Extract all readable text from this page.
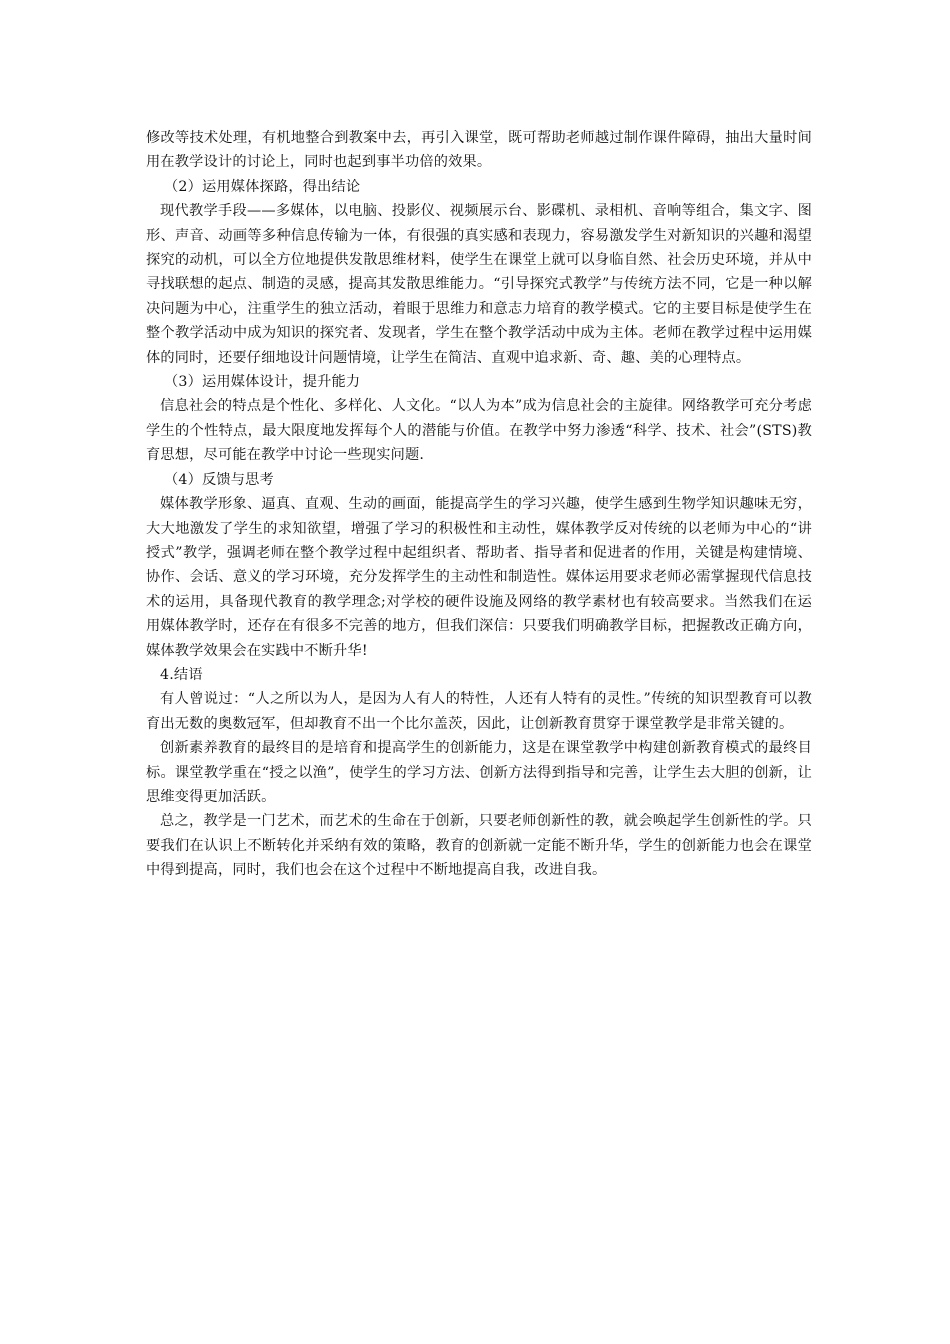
修改等技术处理，有机地整合到教案中去，再引入课堂，既可帮助老师越过制作课件障碍，抽出大量时间用在教学设计的讨论上，同时也起到事半功倍的效果。

（2）运用媒体探路，得出结论

现代教学手段——多媒体，以电脑、投影仪、视频展示台、影碟机、录相机、音响等组合，集文字、图形、声音、动画等多种信息传输为一体，有很强的真实感和表现力，容易激发学生对新知识的兴趣和渴望探究的动机，可以全方位地提供发散思维材料，使学生在课堂上就可以身临自然、社会历史环境，并从中寻找联想的起点、制造的灵感，提高其发散思维能力。“引导探究式教学”与传统方法不同，它是一种以解决问题为中心，注重学生的独立活动，着眼于思维力和意志力培育的教学模式。它的主要目标是使学生在整个教学活动中成为知识的探究者、发现者，学生在整个教学活动中成为主体。老师在教学过程中运用媒体的同时，还要仔细地设计问题情境，让学生在简洁、直观中追求新、奇、趣、美的心理特点。

（3）运用媒体设计，提升能力

信息社会的特点是个性化、多样化、人文化。“以人为本”成为信息社会的主旋律。网络教学可充分考虑学生的个性特点，最大限度地发挥每个人的潜能与价值。在教学中努力渗透“科学、技术、社会”(STS)教育思想，尽可能在教学中讨论一些现实问题.

（4）反馈与思考

媒体教学形象、逼真、直观、生动的画面，能提高学生的学习兴趣，使学生感到生物学知识趣味无穷，大大地激发了学生的求知欲望，增强了学习的积极性和主动性，媒体教学反对传统的以老师为中心的“讲授式”教学，强调老师在整个教学过程中起组织者、帮助者、指导者和促进者的作用，关键是构建情境、协作、会话、意义的学习环境，充分发挥学生的主动性和制造性。媒体运用要求老师必需掌握现代信息技术的运用，具备现代教育的教学理念;对学校的硬件设施及网络的教学素材也有较高要求。当然我们在运用媒体教学时，还存在有很多不完善的地方，但我们深信：只要我们明确教学目标，把握教改正确方向，媒体教学效果会在实践中不断升华!

4.结语

有人曾说过：“人之所以为人，是因为人有人的特性，人还有人特有的灵性。”传统的知识型教育可以教育出无数的奥数冠军，但却教育不出一个比尔盖茨，因此，让创新教育贯穿于课堂教学是非常关键的。

创新素养教育的最终目的是培育和提高学生的创新能力，这是在课堂教学中构建创新教育模式的最终目标。课堂教学重在“授之以渔”，使学生的学习方法、创新方法得到指导和完善，让学生去大胆的创新，让思维变得更加活跃。

总之，教学是一门艺术，而艺术的生命在于创新，只要老师创新性的教，就会唤起学生创新性的学。只要我们在认识上不断转化并采纳有效的策略，教育的创新就一定能不断升华，学生的创新能力也会在课堂中得到提高，同时，我们也会在这个过程中不断地提高自我，改进自我。
